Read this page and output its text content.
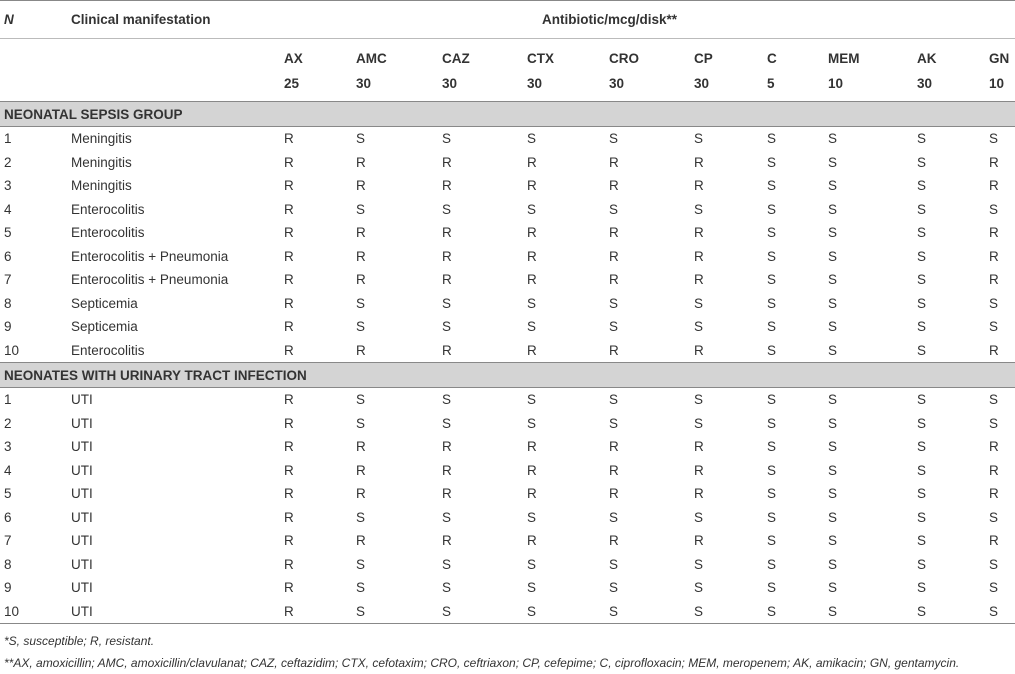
N	Clinical manifestation	Antibiotic/mcg/disk**									
		AX	AMC	CAZ	CTX	CRO	CP	C	MEM	AK	GN
		25	30	30	30	30	30	5	10	30	10
NEONATAL SEPSIS GROUP											
1	Meningitis	R	S	S	S	S	S	S	S	S	S
2	Meningitis	R	R	R	R	R	R	S	S	S	R
3	Meningitis	R	R	R	R	R	R	S	S	S	R
4	Enterocolitis	R	S	S	S	S	S	S	S	S	S
5	Enterocolitis	R	R	R	R	R	R	S	S	S	R
6	Enterocolitis + Pneumonia	R	R	R	R	R	R	S	S	S	R
7	Enterocolitis + Pneumonia	R	R	R	R	R	R	S	S	S	R
8	Septicemia	R	S	S	S	S	S	S	S	S	S
9	Septicemia	R	S	S	S	S	S	S	S	S	S
10	Enterocolitis	R	R	R	R	R	R	S	S	S	R
NEONATES WITH URINARY TRACT INFECTION											
1	UTI	R	S	S	S	S	S	S	S	S	S
2	UTI	R	S	S	S	S	S	S	S	S	S
3	UTI	R	R	R	R	R	R	S	S	S	R
4	UTI	R	R	R	R	R	R	S	S	S	R
5	UTI	R	R	R	R	R	R	S	S	S	R
6	UTI	R	S	S	S	S	S	S	S	S	S
7	UTI	R	R	R	R	R	R	S	S	S	R
8	UTI	R	S	S	S	S	S	S	S	S	S
9	UTI	R	S	S	S	S	S	S	S	S	S
10	UTI	R	S	S	S	S	S	S	S	S	S
*S, susceptible; R, resistant.
**AX, amoxicillin; AMC, amoxicillin/clavulanat; CAZ, ceftazidim; CTX, cefotaxim; CRO, ceftriaxon; CP, cefepime; C, ciprofloxacin; MEM, meropenem; AK, amikacin; GN, gentamycin.
